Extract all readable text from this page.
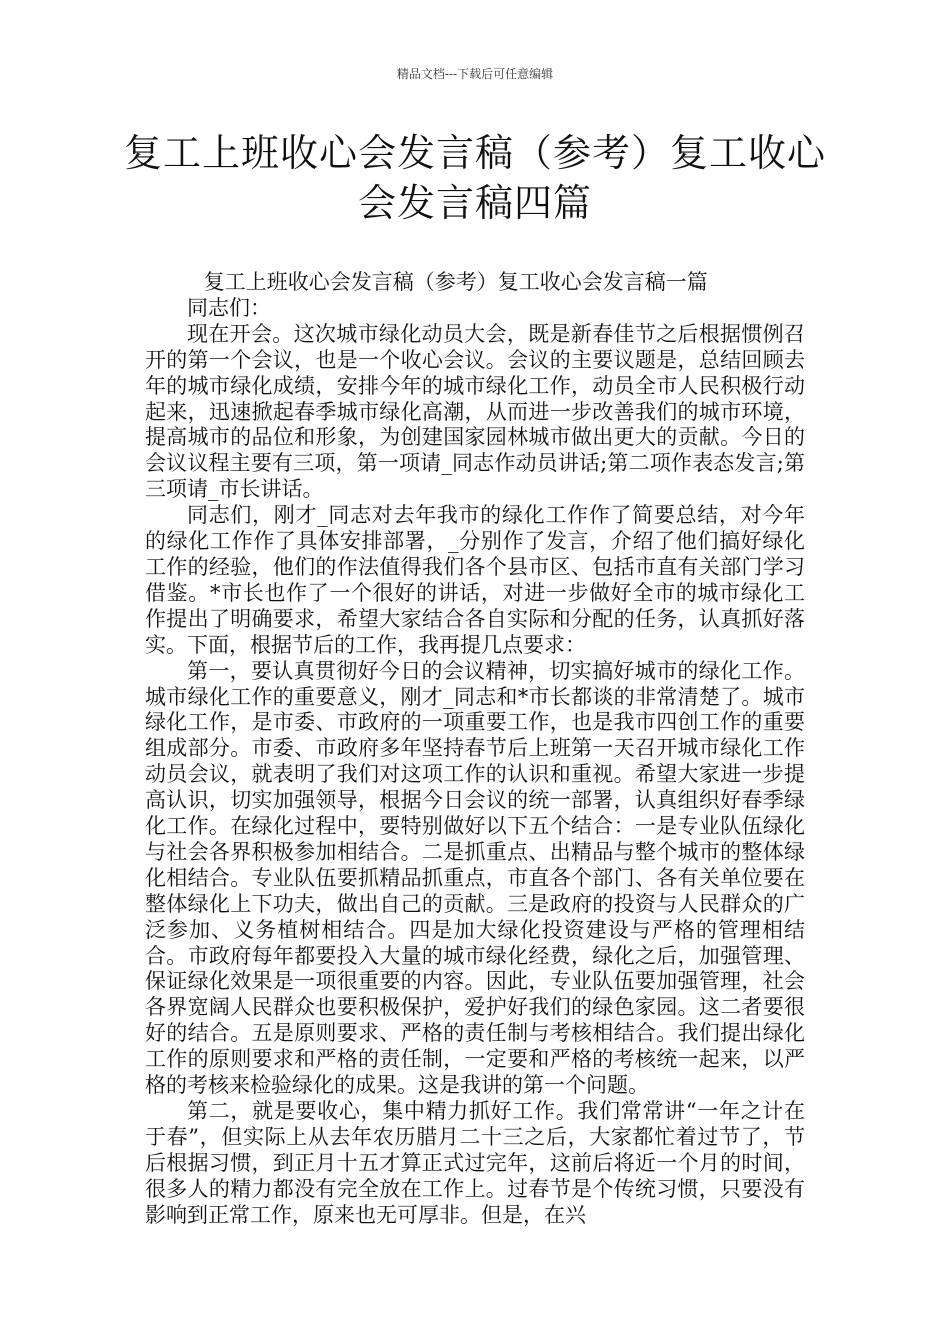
精品文档---下载后可任意编辑
复工上班收心会发言稿（参考）复工收心会发言稿四篇

复工上班收心会发言稿（参考）复工收心会发言稿一篇

同志们：

现在开会。这次城市绿化动员大会，既是新春佳节之后根据惯例召开的第一个会议，也是一个收心会议。会议的主要议题是，总结回顾去年的城市绿化成绩，安排今年的城市绿化工作，动员全市人民积极行动起来，迅速掀起春季城市绿化高潮，从而进一步改善我们的城市环境，提高城市的品位和形象，为创建国家园林城市做出更大的贡献。今日的会议议程主要有三项，第一项请_同志作动员讲话;第二项作表态发言;第三项请_市长讲话。

同志们，刚才_同志对去年我市的绿化工作作了简要总结，对今年的绿化工作作了具体安排部署，_分别作了发言，介绍了他们搞好绿化工作的经验，他们的作法值得我们各个县市区、包括市直有关部门学习借鉴。*市长也作了一个很好的讲话，对进一步做好全市的城市绿化工作提出了明确要求，希望大家结合各自实际和分配的任务，认真抓好落实。下面，根据节后的工作，我再提几点要求：

第一，要认真贯彻好今日的会议精神，切实搞好城市的绿化工作。城市绿化工作的重要意义，刚才_同志和*市长都谈的非常清楚了。城市绿化工作，是市委、市政府的一项重要工作，也是我市四创工作的重要组成部分。市委、市政府多年坚持春节后上班第一天召开城市绿化工作动员会议，就表明了我们对这项工作的认识和重视。希望大家进一步提高认识，切实加强领导，根据今日会议的统一部署，认真组织好春季绿化工作。在绿化过程中，要特别做好以下五个结合：一是专业队伍绿化与社会各界积极参加相结合。二是抓重点、出精品与整个城市的整体绿化相结合。专业队伍要抓精品抓重点，市直各个部门、各有关单位要在整体绿化上下功夫，做出自己的贡献。三是政府的投资与人民群众的广泛参加、义务植树相结合。四是加大绿化投资建设与严格的管理相结合。市政府每年都要投入大量的城市绿化经费，绿化之后，加强管理、保证绿化效果是一项很重要的内容。因此，专业队伍要加强管理，社会各界宽阔人民群众也要积极保护，爱护好我们的绿色家园。这二者要很好的结合。五是原则要求、严格的责任制与考核相结合。我们提出绿化工作的原则要求和严格的责任制，一定要和严格的考核统一起来，以严格的考核来检验绿化的成果。这是我讲的第一个问题。

第二，就是要收心，集中精力抓好工作。我们常常讲“一年之计在于春”，但实际上从去年农历腊月二十三之后，大家都忙着过节了，节后根据习惯，到正月十五才算正式过完年，这前后将近一个月的时间，很多人的精力都没有完全放在工作上。过春节是个传统习惯，只要没有影响到正常工作，原来也无可厚非。但是，在兴
